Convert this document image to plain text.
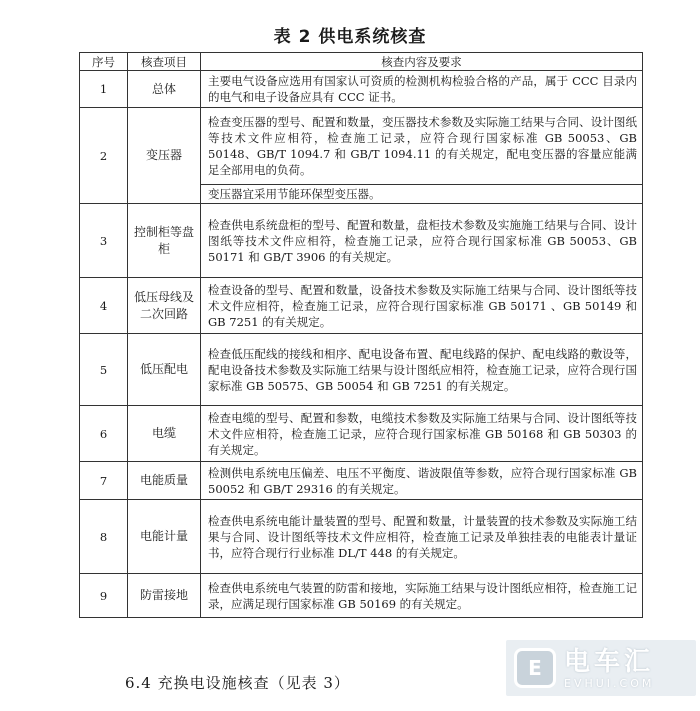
表 2 供电系统核查
序号	核查项目	核查内容及要求
1	总体	主要电气设备应选用有国家认可资质的检测机构检验合格的产品，属于 CCC 目录内的电气和电子设备应具有 CCC 证书。
2	变压器	检查变压器的型号、配置和数量，变压器技术参数及实际施工结果与合同、设计图纸等技术文件应相符，检查施工记录，应符合现行国家标准 GB 50053、GB 50148、GB/T 1094.7 和 GB/T 1094.11 的有关规定，配电变压器的容量应能满足全部用电的负荷。
		变压器宜采用节能环保型变压器。
3	控制柜等盘柜	检查供电系统盘柜的型号、配置和数量，盘柜技术参数及实施施工结果与合同、设计图纸等技术文件应相符，检查施工记录，应符合现行国家标准 GB 50053、GB 50171 和 GB/T 3906 的有关规定。
4	低压母线及二次回路	检查设备的型号、配置和数量，设备技术参数及实际施工结果与合同、设计图纸等技术文件应相符，检查施工记录，应符合现行国家标准 GB 50171 、GB 50149 和 GB 7251 的有关规定。
5	低压配电	检查低压配线的接线和相序、配电设备布置、配电线路的保护、配电线路的敷设等，配电设备技术参数及实际施工结果与设计图纸应相符，检查施工记录，应符合现行国家标准 GB 50575、GB 50054 和 GB 7251 的有关规定。
6	电缆	检查电缆的型号、配置和参数，电缆技术参数及实际施工结果与合同、设计图纸等技术文件应相符，检查施工记录，应符合现行国家标准 GB 50168 和 GB 50303 的有关规定。
7	电能质量	检测供电系统电压偏差、电压不平衡度、谐波限值等参数，应符合现行国家标准 GB 50052 和 GB/T 29316 的有关规定。
8	电能计量	检查供电系统电能计量装置的型号、配置和数量，计量装置的技术参数及实际施工结果与合同、设计图纸等技术文件应相符，检查施工记录及单独挂表的电能表计量证书，应符合现行行业标准 DL/T 448 的有关规定。
9	防雷接地	检查供电系统电气装置的防雷和接地，实际施工结果与设计图纸应相符，检查施工记录，应满足现行国家标准 GB 50169 的有关规定。
6.4 充换电设施核查（见表 3）
E 电车汇
EVHUI.COM
